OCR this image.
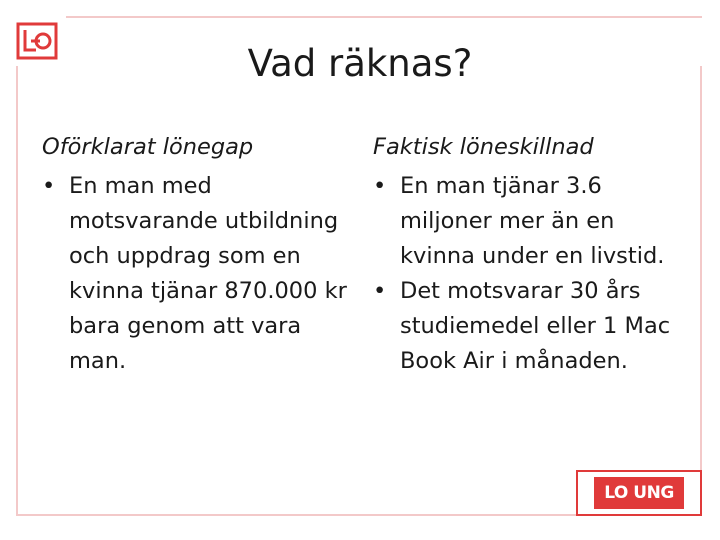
Vad räknas?

Oförklarat lönegap

• En man med motsvarande utbildning och uppdrag som en kvinna tjänar 870.000 kr bara genom att vara man.

Faktisk löneskillnad

• En man tjänar 3.6 miljoner mer än en kvinna under en livstid.
• Det motsvarar 30 års studiemedel eller 1 Mac Book Air i månaden.
LO UNG
